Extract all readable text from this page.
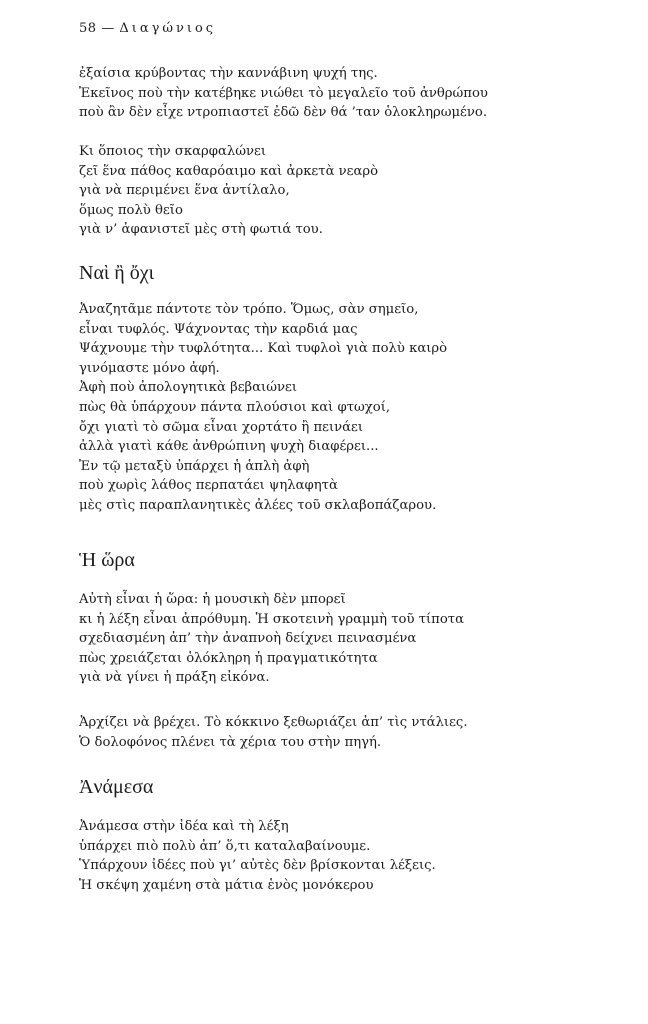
58 — Διαγώνιος
ἐξαίσια κρύβοντας τὴν καννάβινη ψυχή της.
Ἐκεῖνος ποὺ τὴν κατέβηκε νιώθει τὸ μεγαλεῖο τοῦ ἀνθρώπου
ποὺ ἂν δὲν εἶχε ντροπιαστεῖ ἐδῶ δὲν θά ’ταν ὁλοκληρωμένο.
Κι ὅποιος τὴν σκαρφαλώνει
ζεῖ ἕνα πάθος καθαρόαιμο καὶ ἀρκετὰ νεαρὸ
γιὰ νὰ περιμένει ἕνα ἀντίλαλο,
ὅμως πολὺ θεῖο
γιὰ ν’ ἀφανιστεῖ μὲς στὴ φωτιά του.
Ναὶ ἢ ὄχι
Ἀναζητᾶμε πάντοτε τὸν τρόπο. Ὅμως, σὰν σημεῖο,
εἶναι τυφλός. Ψάχνοντας τὴν καρδιά μας
Ψάχνουμε τὴν τυφλότητα... Καὶ τυφλοὶ γιὰ πολὺ καιρὸ
γινόμαστε μόνο ἀφή.
Ἀφὴ ποὺ ἀπολογητικὰ βεβαιώνει
πὼς θὰ ὑπάρχουν πάντα πλούσιοι καὶ φτωχοί,
ὄχι γιατὶ τὸ σῶμα εἶναι χορτάτο ἢ πεινάει
ἀλλὰ γιατὶ κάθε ἀνθρώπινη ψυχὴ διαφέρει...
Ἐν τῷ μεταξὺ ὑπάρχει ἡ ἁπλὴ ἀφὴ
ποὺ χωρὶς λάθος περπατάει ψηλαφητὰ
μὲς στὶς παραπλανητικὲς ἀλέες τοῦ σκλαβοπάζαρου.
Ἡ ὥρα
Αὐτὴ εἶναι ἡ ὥρα: ἡ μουσικὴ δὲν μπορεῖ
κι ἡ λέξη εἶναι ἀπρόθυμη. Ἡ σκοτεινὴ γραμμὴ τοῦ τίποτα
σχεδιασμένη ἀπ’ τὴν ἀναπνοὴ δείχνει πεινασμένα
πὼς χρειάζεται ὁλόκληρη ἡ πραγματικότητα
γιὰ νὰ γίνει ἡ πράξη εἰκόνα.
Ἀρχίζει νὰ βρέχει. Τὸ κόκκινο ξεθωριάζει ἀπ’ τὶς ντάλιες.
Ὁ δολοφόνος πλένει τὰ χέρια του στὴν πηγή.
Ἀνάμεσα
Ἀνάμεσα στὴν ἰδέα καὶ τὴ λέξη
ὑπάρχει πιὸ πολὺ ἀπ’ ὅ,τι καταλαβαίνουμε.
Ὑπάρχουν ἰδέες ποὺ γι’ αὐτὲς δὲν βρίσκονται λέξεις.
Ἡ σκέψη χαμένη στὰ μάτια ἑνὸς μονόκερου
